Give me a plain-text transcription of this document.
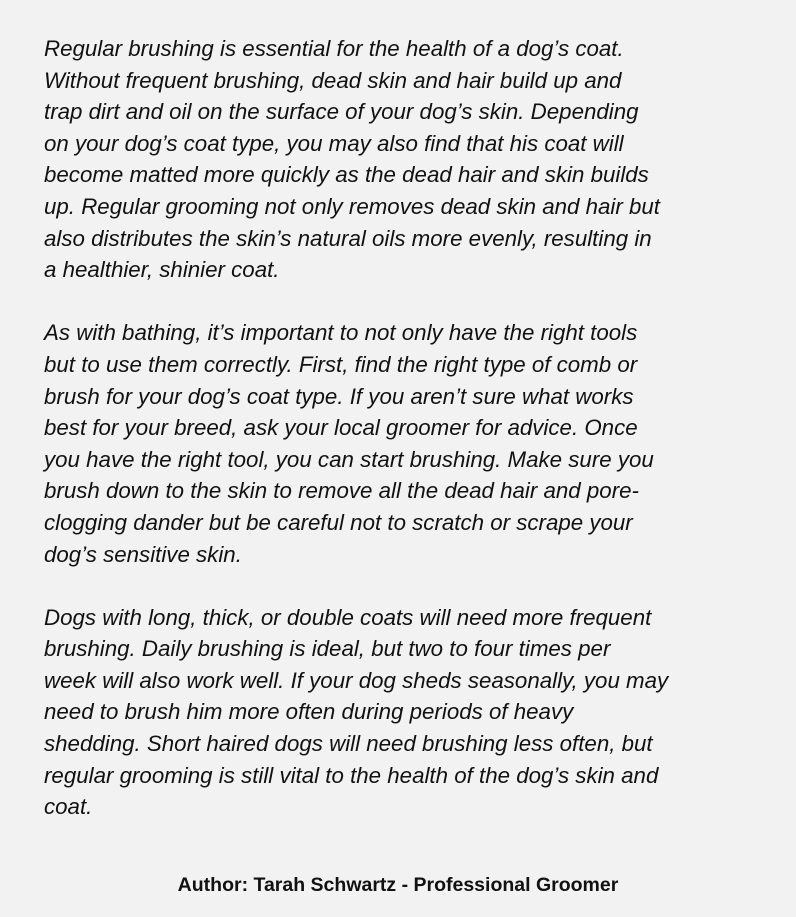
Regular brushing is essential for the health of a dog’s coat.
Without frequent brushing, dead skin and hair build up and
trap dirt and oil on the surface of your dog’s skin. Depending
on your dog’s coat type, you may also find that his coat will
become matted more quickly as the dead hair and skin builds
up. Regular grooming not only removes dead skin and hair but
also distributes the skin’s natural oils more evenly, resulting in
a healthier, shinier coat.

As with bathing, it’s important to not only have the right tools
but to use them correctly. First, find the right type of comb or
brush for your dog’s coat type. If you aren’t sure what works
best for your breed, ask your local groomer for advice. Once
you have the right tool, you can start brushing. Make sure you
brush down to the skin to remove all the dead hair and pore-
clogging dander but be careful not to scratch or scrape your
dog’s sensitive skin.

Dogs with long, thick, or double coats will need more frequent
brushing. Daily brushing is ideal, but two to four times per
week will also work well. If your dog sheds seasonally, you may
need to brush him more often during periods of heavy
shedding. Short haired dogs will need brushing less often, but
regular grooming is still vital to the health of the dog’s skin and
coat.

Author: Tarah Schwartz - Professional Groomer
